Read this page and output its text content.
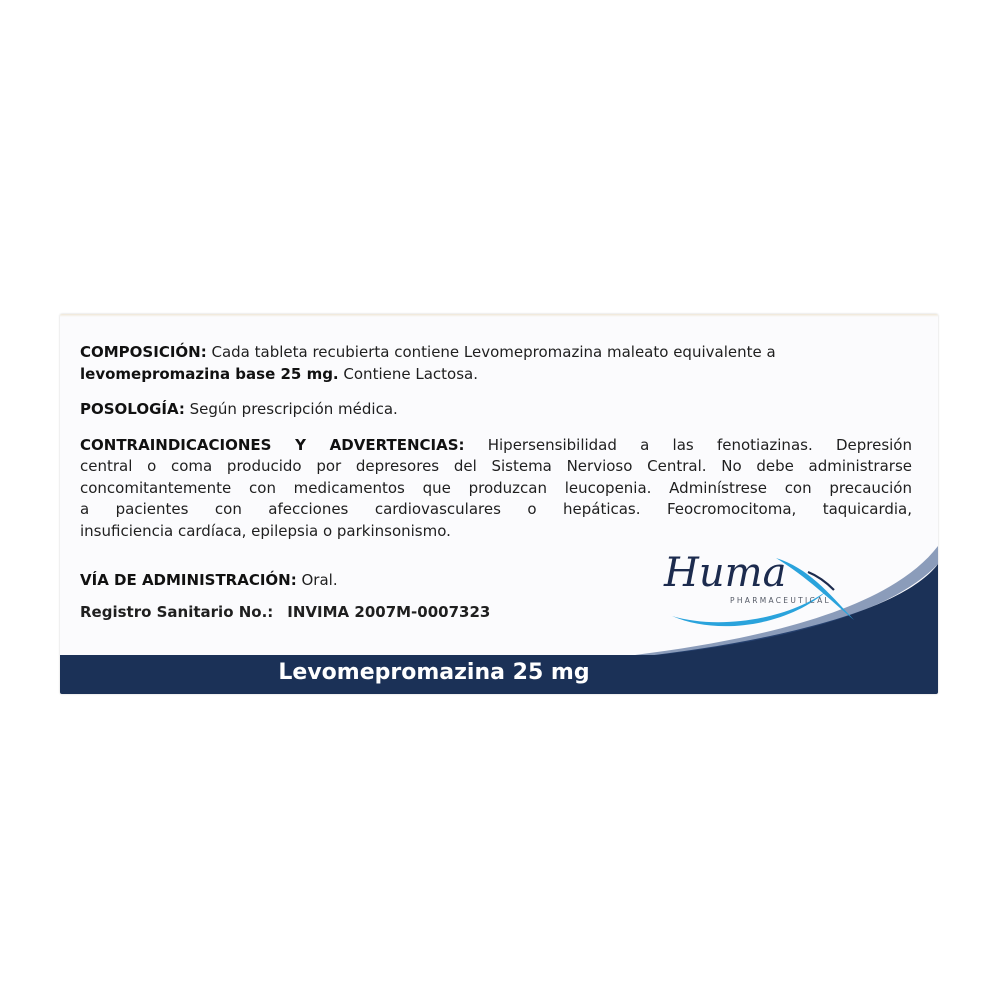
COMPOSICIÓN: Cada tableta recubierta contiene Levomepromazina maleato equivalente a
levomepromazina base 25 mg. Contiene Lactosa.

POSOLOGÍA: Según prescripción médica.

CONTRAINDICACIONES Y ADVERTENCIAS: Hipersensibilidad a las fenotiazinas. Depresión
central o coma producido por depresores del Sistema Nervioso Central. No debe administrarse
concomitantemente con medicamentos que produzcan leucopenia. Adminístrese con precaución
a pacientes con afecciones cardiovasculares o hepáticas. Feocromocitoma, taquicardia,
insuficiencia cardíaca, epilepsia o parkinsonismo.

VÍA DE ADMINISTRACIÓN: Oral.
Registro Sanitario No.: INVIMA 2007M-0007323
Huma
PHARMACEUTICAL
Levomepromazina 25 mg
